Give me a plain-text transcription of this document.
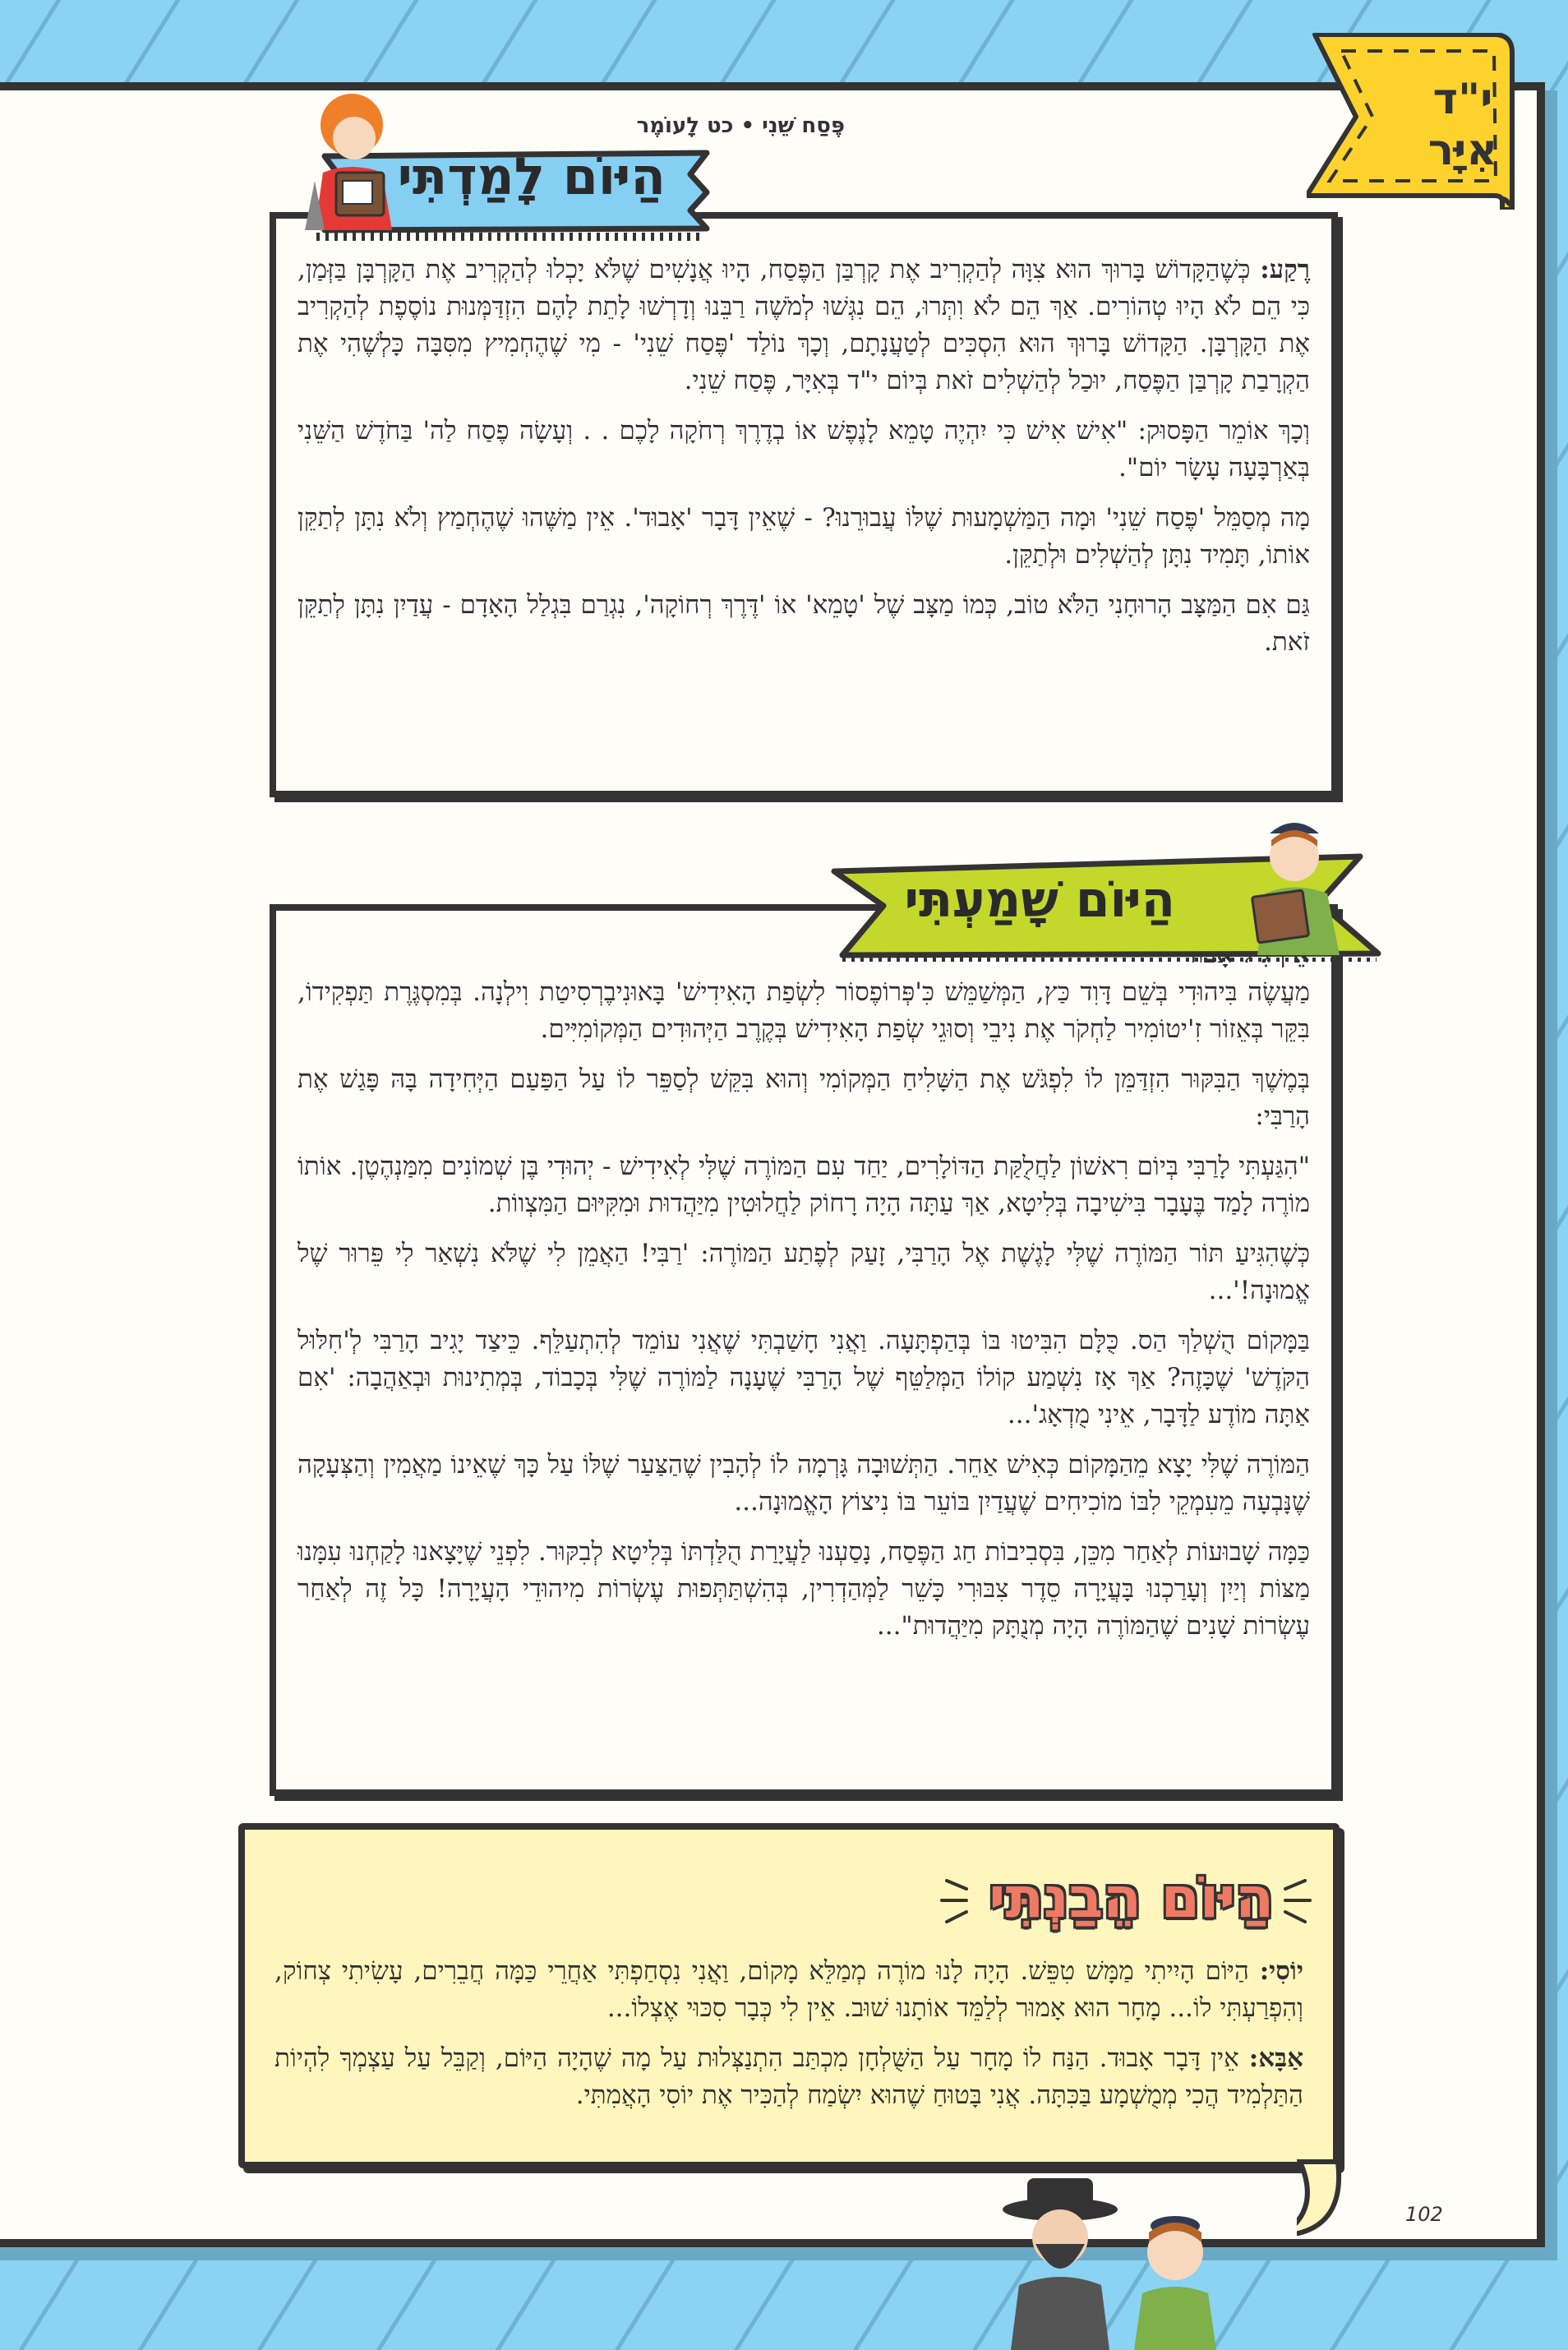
י"ד
אִיָּר
פֶּסַח שֵׁנִי • כט לָעוֹמֶר

רֶקַע: כְּשֶׁהַקָּדוֹשׁ בָּרוּךְ הוּא צִוָּה לְהַקְרִיב אֶת קָרְבַּן הַפֶּסַח, הָיוּ אֲנָשִׁים שֶׁלֹּא יָכְלוּ לְהַקְרִיב אֶת הַקָּרְבָּן בַּזְּמַן, כִּי הֵם לֹא הָיוּ טְהוֹרִים. אַךְ הֵם לֹא וִתְּרוּ, הֵם נִגְּשׁוּ לְמֹשֶׁה רַבֵּנוּ וְדָרְשׁוּ לָתֵת לָהֶם הִזְדַּמְּנוּת נוֹסֶפֶת לְהַקְרִיב אֶת הַקָּרְבָּן. הַקָּדוֹשׁ בָּרוּךְ הוּא הִסְכִּים לְטַעֲנָתָם, וְכָךְ נוֹלַד 'פֶּסַח שֵׁנִי' - מִי שֶׁהֶחְמִיץ מִסִּבָּה כָּלְשֶׁהִי אֶת הַקְרָבַת קָרְבַּן הַפֶּסַח, יוּכַל לְהַשְׁלִים זֹאת בְּיוֹם י"ד בְּאִיָּר, פֶּסַח שֵׁנִי.

וְכָךְ אוֹמֵר הַפָּסוּק: "אִישׁ אִישׁ כִּי יִהְיֶה טָמֵא לָנֶפֶשׁ אוֹ בְדֶרֶךְ רְחֹקָה לָכֶם . . וְעָשָׂה פֶסַח לַה' בַּחֹדֶשׁ הַשֵּׁנִי בְּאַרְבָּעָה עָשָׂר יוֹם".

מָה מְסַמֵּל 'פֶּסַח שֵׁנִי' וּמָה הַמַּשְׁמָעוּת שֶׁלּוֹ עֲבוּרֵנוּ? - שֶׁאֵין דָּבָר 'אָבוּד'. אֵין מַשֶּׁהוּ שֶׁהֶחְמַץ וְלֹא נִתָּן לְתַקֵּן אוֹתוֹ, תָּמִיד נִתָּן לְהַשְׁלִים וּלְתַקֵּן.

גַּם אִם הַמַּצָּב הָרוּחָנִי הַלֹּא טוֹב, כְּמוֹ מַצָּב שֶׁל 'טָמֵא' אוֹ 'דֶּרֶךְ רְחוֹקָה', נִגְרַם בִּגְלַל הָאָדָם - עֲדַיִן נִתָּן לְתַקֵּן זֹאת.

הַיּוֹם לָמַדְתִּי

מַעֲשֶׂה בִּיהוּדִי בְּשֵׁם דָּוִד כַּץ, הַמְּשַׁמֵּשׁ כִּ'פְּרוֹפֶסוֹר לִשְׂפַת הָאִידִישׁ' בָּאוּנִיבֶרְסִיטַת וִילְנָה. בְּמִסְגֶּרֶת תַּפְקִידוֹ, בִּקֵּר בְּאֵזוֹר זִ'יטוֹמִיר לַחְקֹר אֶת נִיבֵי וְסוּגֵי שְׂפַת הָאִידִישׁ בְּקֶרֶב הַיְּהוּדִים הַמְּקוֹמִיִּים.

בְּמֶשֶׁךְ הַבִּקּוּר הִזְדַּמֵּן לוֹ לִפְגֹּשׁ אֶת הַשָּׁלִיחַ הַמְּקוֹמִי וְהוּא בִּקֵּשׁ לְסַפֵּר לוֹ עַל הַפַּעַם הַיְּחִידָה בָּהּ פָּגַשׁ אֶת הָרַבִּי:

"הִגַּעְתִּי לָרַבִּי בְּיוֹם רִאשׁוֹן לַחֲלֻקַּת הַדּוֹלָרִים, יַחַד עִם הַמּוֹרֶה שֶׁלִּי לְאִידִישׁ - יְהוּדִי בֶּן שְׁמוֹנִים מִמַּנְהֶטֶן. אוֹתוֹ מוֹרֶה לָמַד בֶּעָבָר בִּישִׁיבָה בְּלִיטָא, אַךְ עַתָּה הָיָה רָחוֹק לַחֲלוּטִין מִיַּהֲדוּת וּמִקִּיּוּם הַמִּצְווֹת.

כְּשֶׁהִגִּיעַ תּוֹר הַמּוֹרֶה שֶׁלִּי לָגֶשֶׁת אֶל הָרַבִּי, זָעַק לְפֶתַע הַמּוֹרֶה: 'רַבִּי! הַאֲמֵן לִי שֶׁלֹּא נִשְׁאַר לִי פֵּרוּר שֶׁל אֱמוּנָה!'...

בַּמָּקוֹם הֻשְׁלַךְ הַס. כֻּלָּם הִבִּיטוּ בּוֹ בְּהַפְתָּעָה. וַאֲנִי חָשַׁבְתִּי שֶׁאֲנִי עוֹמֵד לְהִתְעַלֵּף. כֵּיצַד יָגִיב הָרַבִּי לְ'חִלּוּל הַקֹּדֶשׁ' שֶׁכָּזֶה? אַךְ אָז נִשְׁמַע קוֹלוֹ הַמְּלַטֵּף שֶׁל הָרַבִּי שֶׁעָנָה לַמּוֹרֶה שֶׁלִּי בְּכָבוֹד, בְּמְתִינוּת וּבְאַהֲבָה: 'אִם אַתָּה מוֹדֶע לַדָּבָר, אֵינִי מֻדְאָג'...

הַמּוֹרֶה שֶׁלִּי יָצָא מֵהַמָּקוֹם כְּאִישׁ אַחֵר. הַתְּשׁוּבָה גָּרְמָה לוֹ לְהָבִין שֶׁהַצַּעַר שֶׁלּוֹ עַל כָּךְ שֶׁאֵינוֹ מַאֲמִין וְהַצְּעָקָה שֶׁנָּבְעָה מֵעִמְקֵי לִבּוֹ מוֹכִיחִים שֶׁעֲדַיִן בּוֹעֵר בּוֹ נִיצוֹץ הָאֱמוּנָה...

כַּמָּה שָׁבוּעוֹת לְאַחַר מִכֵּן, בִּסְבִיבוֹת חַג הַפֶּסַח, נָסַעְנוּ לַעֲיָרַת הֻלַּדְתּוֹ בְּלִיטָא לְבִקּוּר. לִפְנֵי שֶׁיָּצָאנוּ לָקַחְנוּ עִמָּנוּ מַצּוֹת וְיַיִן וְעָרַכְנוּ בָּעֲיָרָה סֵדֶר צִבּוּרִי כָּשֵׁר לַמְּהַדְרִין, בְּהִשְׁתַּתְּפוּת עֶשְׂרוֹת מִיהוּדֵי הָעֲיָרָה! כָּל זֶה לְאַחַר עֶשְׂרוֹת שָׁנִים שֶׁהַמּוֹרֶה הָיָה מְנֻתָּק מִיַּהֲדוּת"...

הַיּוֹם שָׁמַעְתִּי

יוֹסִי: הַיּוֹם הָיִיתִי מַמָּשׁ טִפֵּשׁ. הָיָה לָנוּ מוֹרֶה מְמַלֵּא מָקוֹם, וַאֲנִי נִסְחַפְתִּי אַחֲרֵי כַּמָּה חֲבֵרִים, עָשִׂיתִי צְחוֹק, וְהִפְרַעְתִּי לוֹ... מָחָר הוּא אָמוּר לְלַמֵּד אוֹתָנוּ שׁוּב. אֵין לִי כְּבָר סִכּוּי אֶצְלוֹ...

אַבָּא: אֵין דָּבָר אָבוּד. הַנַּח לוֹ מָחָר עַל הַשֻּׁלְחָן מִכְתַּב הִתְנַצְּלוּת עַל מָה שֶׁהָיָה הַיּוֹם, וְקַבֵּל עַל עַצְמְךָ לִהְיוֹת הַתַּלְמִיד הֲכִי מְמֻשְׁמָע בַּכִּתָּה. אֲנִי בָּטוּחַ שֶׁהוּא יִשְׂמַח לְהַכִּיר אֶת יוֹסִי הָאֲמִתִּי.

הַיּוֹם הֵבַנְתִּי
102
